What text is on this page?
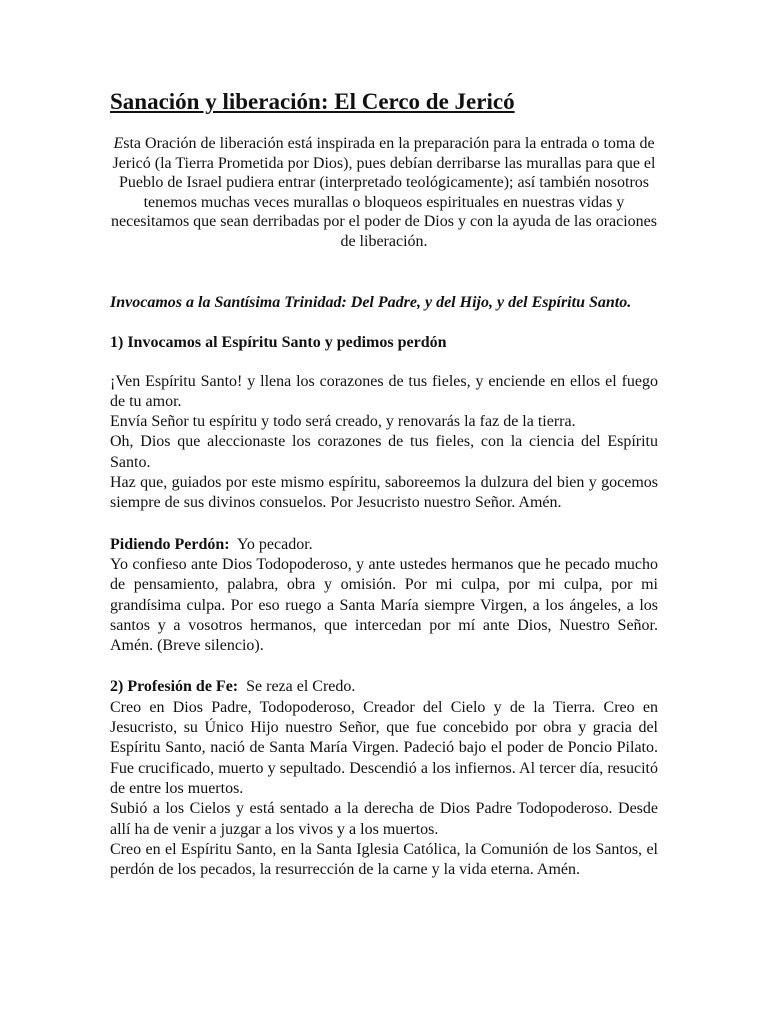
Sanación y liberación: El Cerco de Jericó

Esta Oración de liberación está inspirada en la preparación para la entrada o toma de Jericó (la Tierra Prometida por Dios), pues debían derribarse las murallas para que el Pueblo de Israel pudiera entrar (interpretado teológicamente); así también nosotros tenemos muchas veces murallas o bloqueos espirituales en nuestras vidas y necesitamos que sean derribadas por el poder de Dios y con la ayuda de las oraciones de liberación.

Invocamos a la Santísima Trinidad: Del Padre, y del Hijo, y del Espíritu Santo.

1) Invocamos al Espíritu Santo y pedimos perdón

¡Ven Espíritu Santo! y llena los corazones de tus fieles, y enciende en ellos el fuego de tu amor.

Envía Señor tu espíritu y todo será creado, y renovarás la faz de la tierra.

Oh, Dios que aleccionaste los corazones de tus fieles, con la ciencia del Espíritu Santo.

Haz que, guiados por este mismo espíritu, saboreemos la dulzura del bien y gocemos siempre de sus divinos consuelos. Por Jesucristo nuestro Señor. Amén.

Pidiendo Perdón: Yo pecador.

Yo confieso ante Dios Todopoderoso, y ante ustedes hermanos que he pecado mucho de pensamiento, palabra, obra y omisión. Por mi culpa, por mi culpa, por mi grandísima culpa. Por eso ruego a Santa María siempre Virgen, a los ángeles, a los santos y a vosotros hermanos, que intercedan por mí ante Dios, Nuestro Señor. Amén. (Breve silencio).

2) Profesión de Fe: Se reza el Credo.

Creo en Dios Padre, Todopoderoso, Creador del Cielo y de la Tierra. Creo en Jesucristo, su Único Hijo nuestro Señor, que fue concebido por obra y gracia del Espíritu Santo, nació de Santa María Virgen. Padeció bajo el poder de Poncio Pilato. Fue crucificado, muerto y sepultado. Descendió a los infiernos. Al tercer día, resucitó de entre los muertos.

Subió a los Cielos y está sentado a la derecha de Dios Padre Todopoderoso. Desde allí ha de venir a juzgar a los vivos y a los muertos.

Creo en el Espíritu Santo, en la Santa Iglesia Católica, la Comunión de los Santos, el perdón de los pecados, la resurrección de la carne y la vida eterna. Amén.
